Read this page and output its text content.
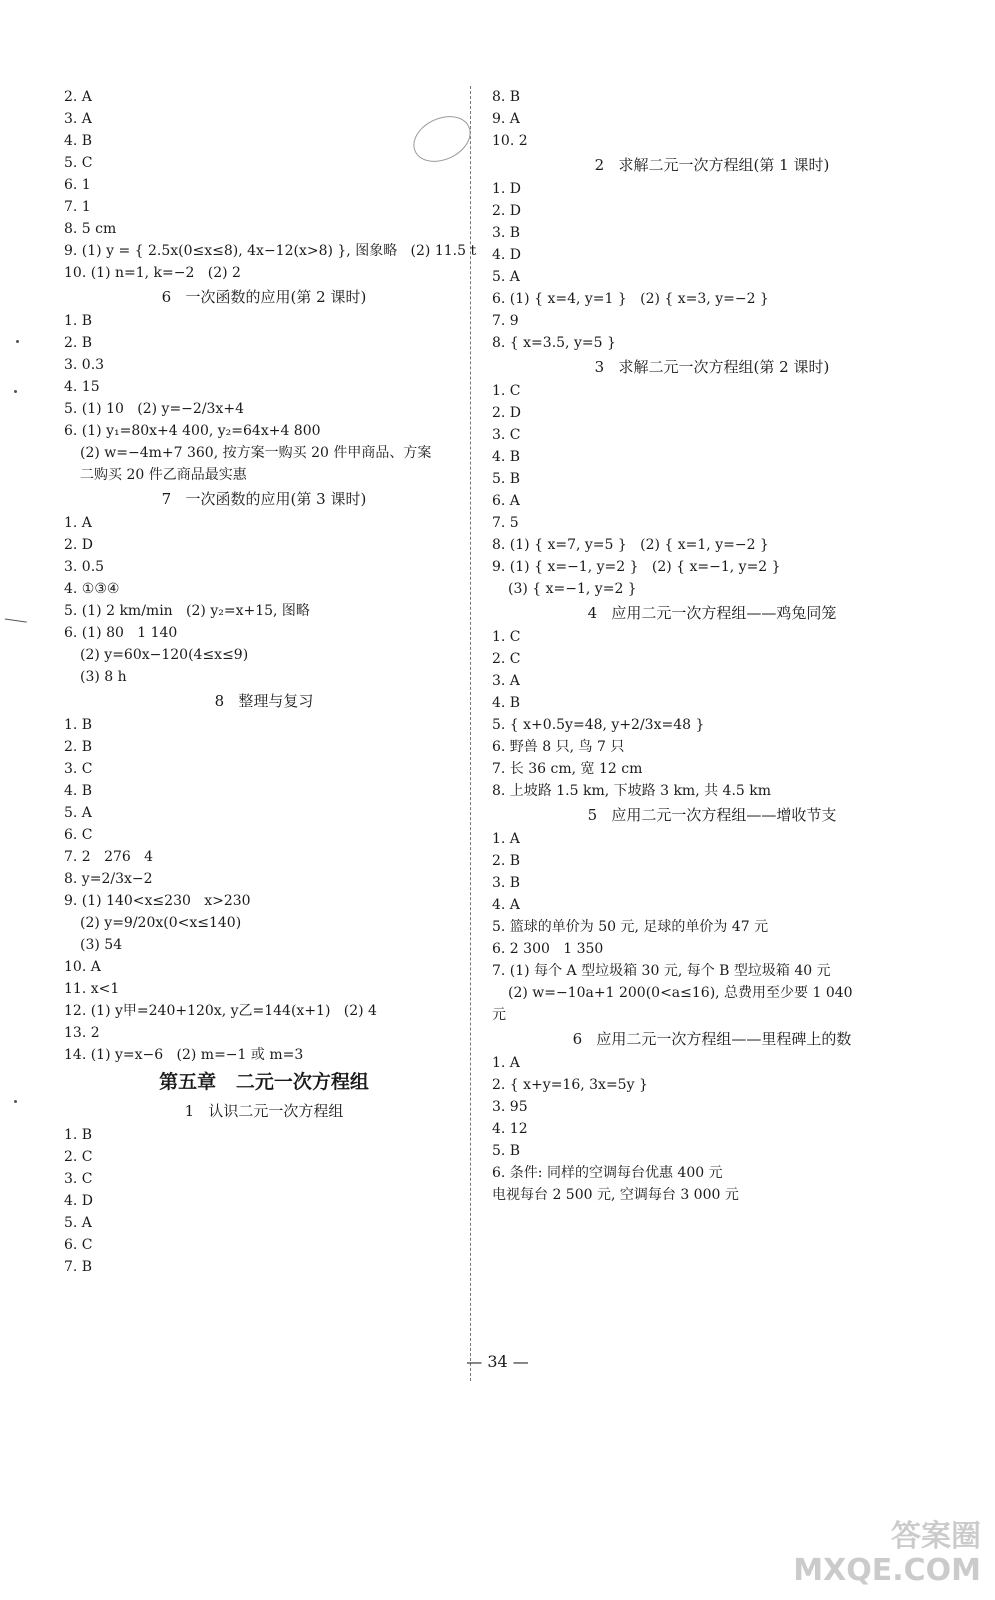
2. A
3. A
4. B
5. C
6. 1
7. 1
8. 5 cm
9. (1) y = { 2.5x(0≤x≤8), 4x−12(x>8) }, 图象略   (2) 11.5 t
10. (1) n=1, k=−2   (2) 2
6   一次函数的应用(第 2 课时)
1. B
2. B
3. 0.3
4. 15
5. (1) 10   (2) y=−2/3x+4
6. (1) y₁=80x+4 400, y₂=64x+4 800
(2) w=−4m+7 360, 按方案一购买 20 件甲商品、方案
二购买 20 件乙商品最实惠
7   一次函数的应用(第 3 课时)
1. A
2. D
3. 0.5
4. ①③④
5. (1) 2 km/min   (2) y₂=x+15, 图略
6. (1) 80   1 140
(2) y=60x−120(4≤x≤9)
(3) 8 h
8   整理与复习
1. B
2. B
3. C
4. B
5. A
6. C
7. 2   276   4
8. y=2/3x−2
9. (1) 140<x≤230   x>230
(2) y=9/20x(0<x≤140)
(3) 54
10. A
11. x<1
12. (1) y甲=240+120x, y乙=144(x+1)   (2) 4
13. 2
14. (1) y=x−6   (2) m=−1 或 m=3
第五章   二元一次方程组
1   认识二元一次方程组
1. B
2. C
3. C
4. D
5. A
6. C
7. B
8. B
9. A
10. 2
2   求解二元一次方程组(第 1 课时)
1. D
2. D
3. B
4. D
5. A
6. (1) { x=4, y=1 }   (2) { x=3, y=−2 }
7. 9
8. { x=3.5, y=5 }
3   求解二元一次方程组(第 2 课时)
1. C
2. D
3. C
4. B
5. B
6. A
7. 5
8. (1) { x=7, y=5 }   (2) { x=1, y=−2 }
9. (1) { x=−1, y=2 }   (2) { x=−1, y=2 }
(3) { x=−1, y=2 }
4   应用二元一次方程组——鸡兔同笼
1. C
2. C
3. A
4. B
5. { x+0.5y=48, y+2/3x=48 }
6. 野兽 8 只, 鸟 7 只
7. 长 36 cm, 宽 12 cm
8. 上坡路 1.5 km, 下坡路 3 km, 共 4.5 km
5   应用二元一次方程组——增收节支
1. A
2. B
3. B
4. A
5. 篮球的单价为 50 元, 足球的单价为 47 元
6. 2 300   1 350
7. (1) 每个 A 型垃圾箱 30 元, 每个 B 型垃圾箱 40 元
(2) w=−10a+1 200(0<a≤16), 总费用至少要 1 040
元
6   应用二元一次方程组——里程碑上的数
1. A
2. { x+y=16, 3x=5y }
3. 95
4. 12
5. B
6. 条件: 同样的空调每台优惠 400 元
电视每台 2 500 元, 空调每台 3 000 元
— 34 —
答案圈
MXQE.COM
